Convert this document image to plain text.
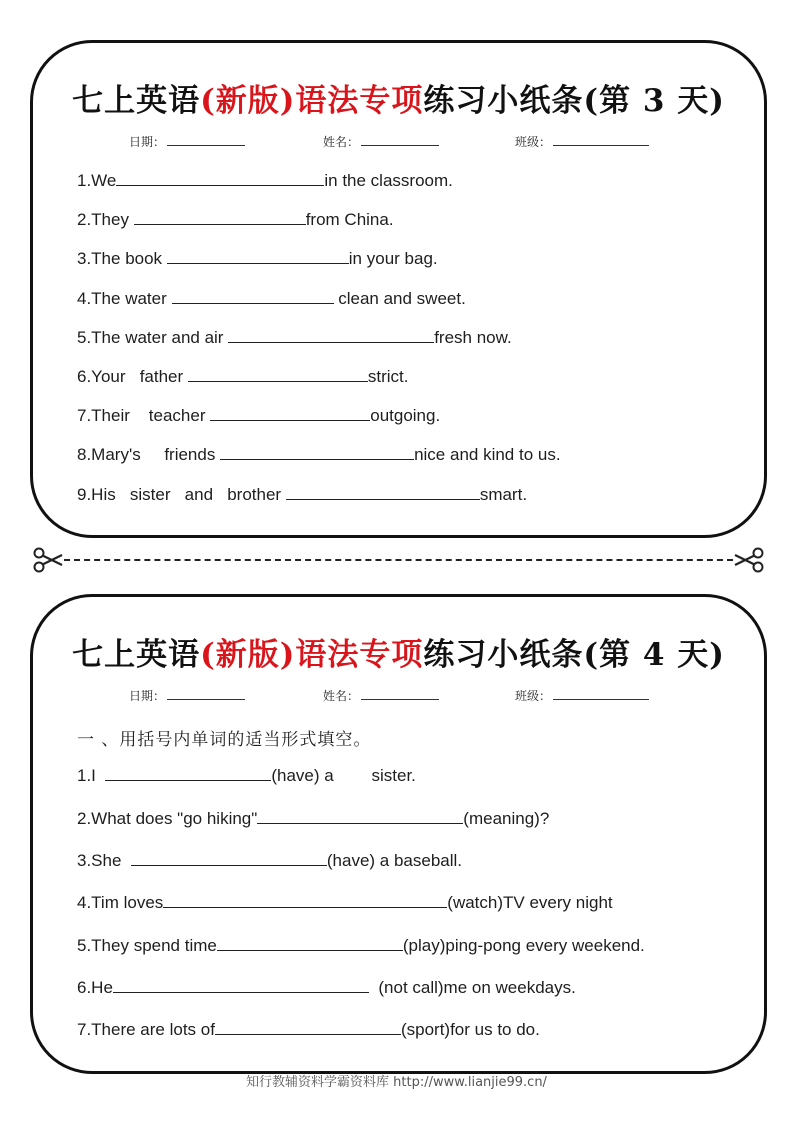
七上英语(新版)语法专项练习小纸条(第 3 天)
日期：	姓名：	班级：
1.We	in the classroom.
2.They	from China.
3.The book	in your bag.
4.The water	clean and sweet.
5.The water and air	fresh now.
6.Your   father	strict.
7.Their    teacher	outgoing.
8.Mary's     friends	nice and kind to us.
9.His   sister   and   brother	smart.
七上英语(新版)语法专项练习小纸条(第 4 天)
日期：	姓名：	班级：
一 、用括号内单词的适当形式填空。
1.I	(have) a        sister.
2.What does "go hiking"	(meaning)?
3.She	(have) a baseball.
4.Tim loves	(watch)TV every night
5.They spend time	(play)ping-pong every weekend.
6.He	(not call)me on weekdays.
7.There are lots of	(sport)for us to do.
知行教辅资料学霸资料库 http://www.lianjie99.cn/
